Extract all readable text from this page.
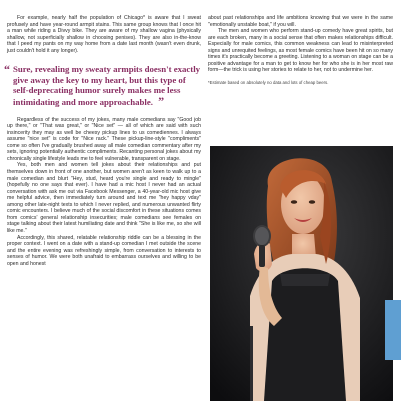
For example, nearly half the population of Chicago* is aware that I sweat profusely and have year-round armpit stains. This same group knows that I once hit a man while riding a Divvy bike. They are aware of my shallow vagina (physically shallow, not superficially shallow in choosing penises). They are also in-the-know that I peed my pants on my way home from a date last month (wasn't even drunk, just couldn't hold it any longer).

“ Sure, revealing my sweaty armpits doesn't exactly give away the key to my heart, but this type of self-deprecating humor surely makes me less intimidating and more approachable. ”

Regardless of the success of my jokes, many male comedians say "Good job up there," or "That was great," or "Nice set" — all of which are said with such insincerity they may as well be cheesy pickup lines to us comediennes. I always assume "nice set" is code for "Nice rack." These pickup-line-style "compliments" come so often I've gradually brushed away all male comedian commentary after my sets, ignoring potentially authentic compliments. Recanting personal jokes about my chronically single lifestyle leads me to feel vulnerable, transparent on stage.

Yes, both men and women tell jokes about their relationships and put themselves down in front of one another, but women aren't as keen to walk up to a male comedian and blurt "Hey, stud, heard you're single and ready to mingle" (hopefully no one says that ever). I have had a mic host I never had an actual conversation with ask me out via Facebook Messenger, a 40-year-old mic host give me helpful advice, then immediately turn around and text me "hey happy vday" among other late-night texts to which I never replied, and numerous unwanted flirty comic encounters. I believe much of the social discomfort in these situations comes from comics' general relationship insecurities; male comedians see females on stage talking about their latest humiliating date and think "She is like me, so she will like me."

Accordingly, this shared, relatable relationship riddle can be a blessing in the proper context. I went on a date with a stand-up comedian I met outside the scene and the entire evening was refreshingly simple, from conversation to interests to senses of humor. We were both unafraid to embarrass ourselves and willing to be open and honest

about past relationships and life ambitions knowing that we were in the same "emotionally unstable boat," if you will.

The men and women who perform stand-up comedy have great spirits, but are each broken, many in a social sense that often makes relationships difficult. Especially for male comics, this common weakness can lead to misinterpreted signs and unrequited feelings, as most female comics have been hit on so many times it's practically become a greeting. Listening to a woman on stage can be a positive advantage for a man to get to know her for who she is in her most raw form—the trick is using her stories to relate to her, not to undermine her.

*Estimate based on absolutely no data and lots of cheap beers.
